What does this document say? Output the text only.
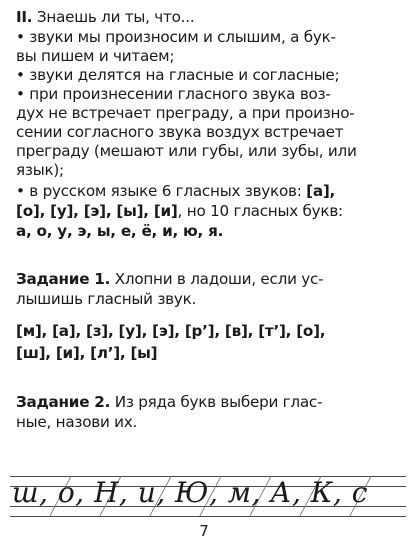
II. Знаешь ли ты, что...
• звуки мы произносим и слышим, а бук-
вы пишем и читаем;
• звуки делятся на гласные и согласные;
• при произнесении гласного звука воз-
дух не встречает преграду, а при произно-
сении согласного звука воздух встречает
преграду (мешают или губы, или зубы, или
язык);
• в русском языке 6 гласных звуков: [а],
[о], [у], [э], [ы], [и], но 10 гласных букв:
а, о, у, э, ы, е, ё, и, ю, я.
Задание 1. Хлопни в ладоши, если ус-
лышишь гласный звук.
[м], [а], [з], [у], [э], [р’], [в], [т’], [о],
[ш], [и], [л’], [ы]
Задание 2. Из ряда букв выбери глас-
ные, назови их.
ш, о, Н, и, Ю, м, А, К, с
7
